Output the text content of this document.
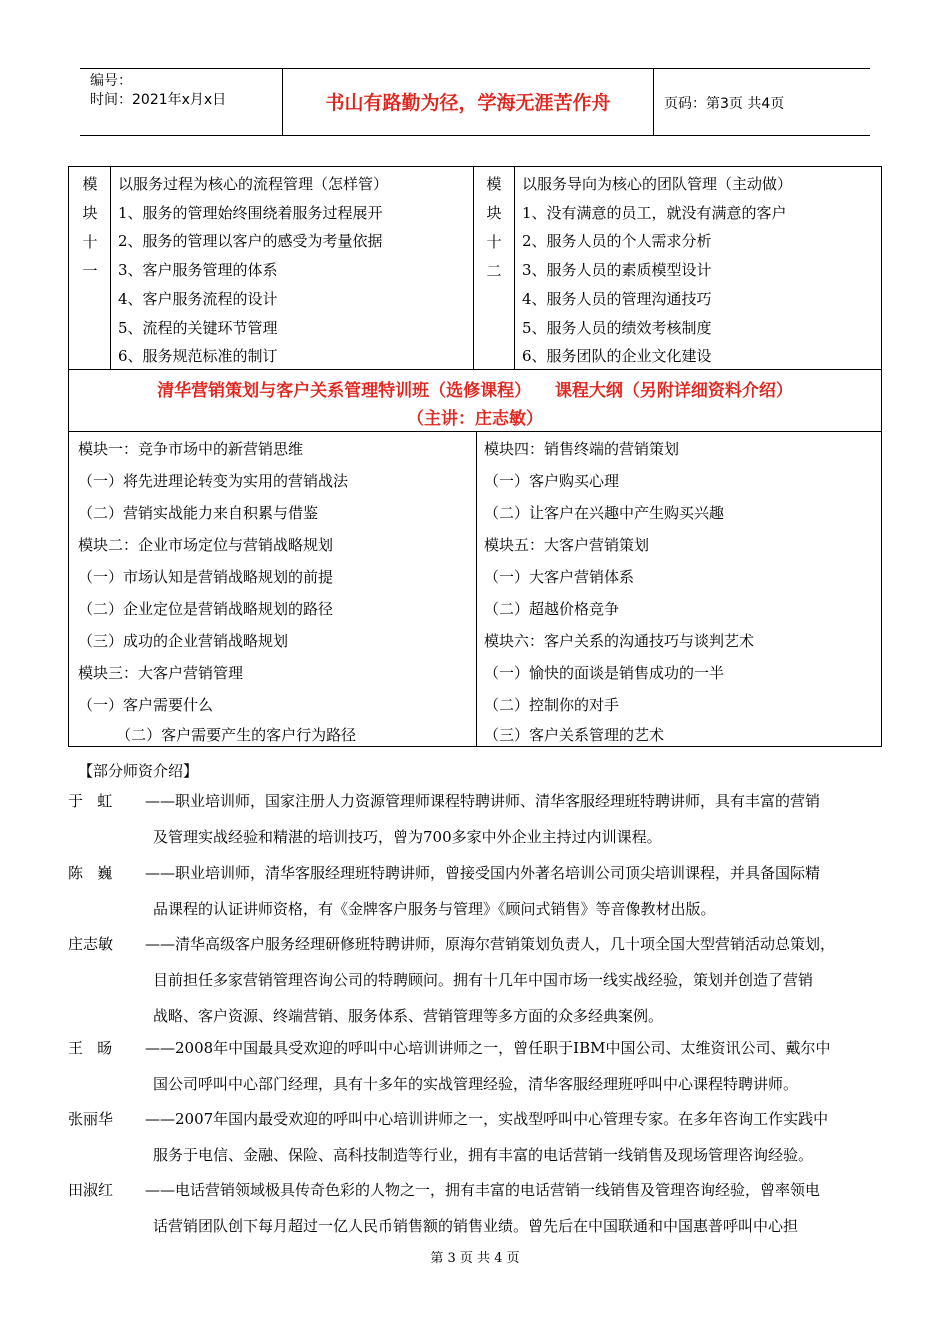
编号：
时间：2021年x月x日	书山有路勤为径，学海无涯苦作舟	页码：第3页 共4页
模
块
十
一
以服务过程为核心的流程管理（怎样管）
1、服务的管理始终围绕着服务过程展开
2、服务的管理以客户的感受为考量依据
3、客户服务管理的体系
4、客户服务流程的设计
5、流程的关键环节管理
6、服务规范标准的制订
模
块
十
二
以服务导向为核心的团队管理（主动做）
1、没有满意的员工，就没有满意的客户
2、服务人员的个人需求分析
3、服务人员的素质模型设计
4、服务人员的管理沟通技巧
5、服务人员的绩效考核制度
6、服务团队的企业文化建设
清华营销策划与客户关系管理特训班（选修课程）    课程大纲（另附详细资料介绍）
（主讲：庄志敏）
模块一：竞争市场中的新营销思维
（一）将先进理论转变为实用的营销战法
（二）营销实战能力来自积累与借鉴
模块二：企业市场定位与营销战略规划
（一）市场认知是营销战略规划的前提
（二）企业定位是营销战略规划的路径
（三）成功的企业营销战略规划
模块三：大客户营销管理
（一）客户需要什么
（二）客户需要产生的客户行为路径
模块四：销售终端的营销策划
（一）客户购买心理
（二）让客户在兴趣中产生购买兴趣
模块五：大客户营销策划
（一）大客户营销体系
（二）超越价格竞争
模块六：客户关系的沟通技巧与谈判艺术
（一）愉快的面谈是销售成功的一半
（二）控制你的对手
（三）客户关系管理的艺术
【部分师资介绍】
于   虹 ——职业培训师，国家注册人力资源管理师课程特聘讲师、清华客服经理班特聘讲师，具有丰富的营销
及管理实战经验和精湛的培训技巧，曾为700多家中外企业主持过内训课程。
陈   巍 ——职业培训师，清华客服经理班特聘讲师，曾接受国内外著名培训公司顶尖培训课程，并具备国际精
品课程的认证讲师资格，有《金牌客户服务与管理》《顾问式销售》等音像教材出版。
庄志敏 ——清华高级客户服务经理研修班特聘讲师，原海尔营销策划负责人，几十项全国大型营销活动总策划，
目前担任多家营销管理咨询公司的特聘顾问。拥有十几年中国市场一线实战经验，策划并创造了营销
战略、客户资源、终端营销、服务体系、营销管理等多方面的众多经典案例。
王   旸 ——2008年中国最具受欢迎的呼叫中心培训讲师之一，曾任职于IBM中国公司、太维资讯公司、戴尔中
国公司呼叫中心部门经理，具有十多年的实战管理经验，清华客服经理班呼叫中心课程特聘讲师。
张丽华 ——2007年国内最受欢迎的呼叫中心培训讲师之一，实战型呼叫中心管理专家。在多年咨询工作实践中
服务于电信、金融、保险、高科技制造等行业，拥有丰富的电话营销一线销售及现场管理咨询经验。
田淑红 ——电话营销领域极具传奇色彩的人物之一，拥有丰富的电话营销一线销售及管理咨询经验，曾率领电
话营销团队创下每月超过一亿人民币销售额的销售业绩。曾先后在中国联通和中国惠普呼叫中心担
第 3 页 共 4 页
